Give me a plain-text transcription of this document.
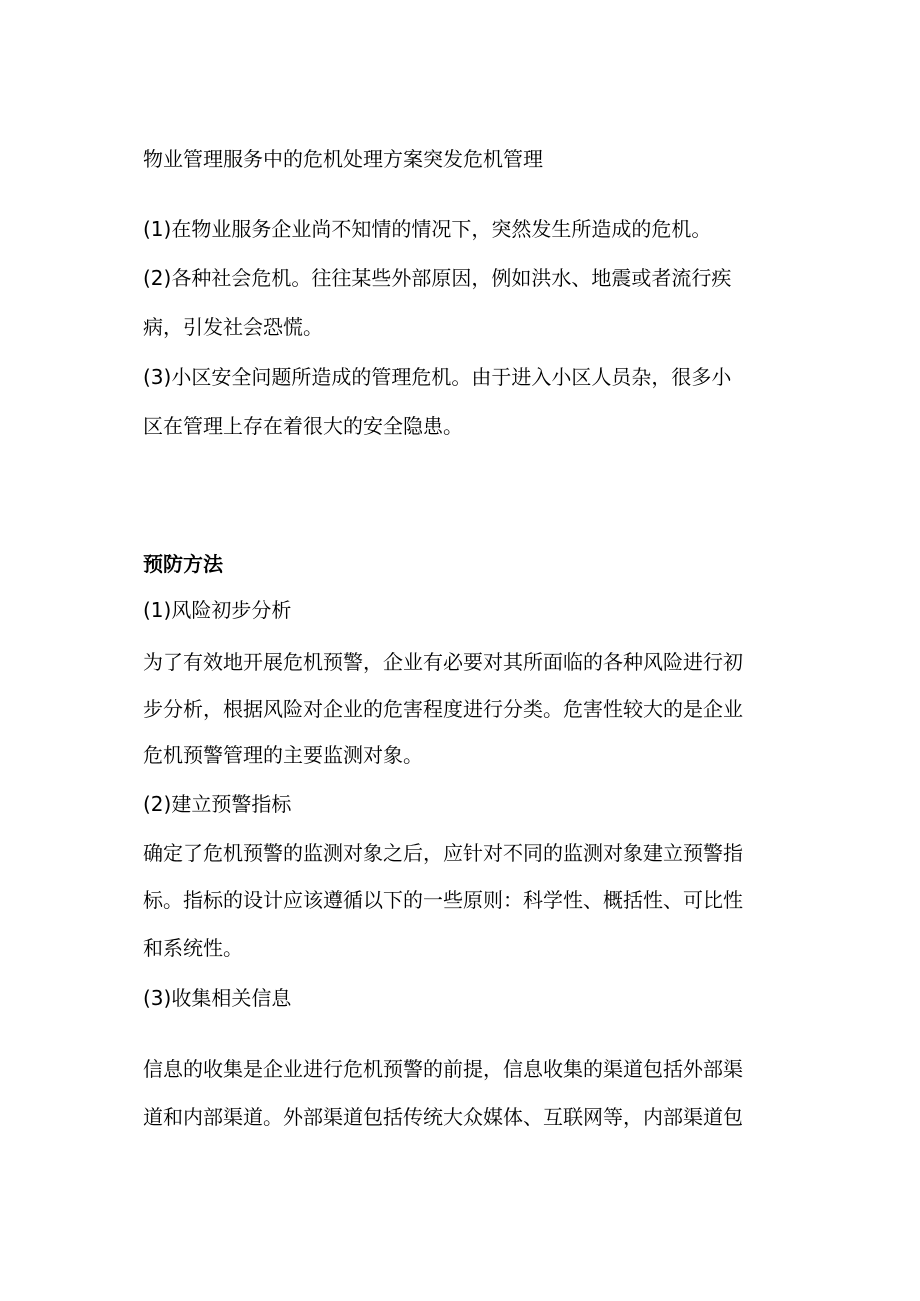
物业管理服务中的危机处理方案突发危机管理
(1)在物业服务企业尚不知情的情况下，突然发生所造成的危机。
(2)各种社会危机。往往某些外部原因，例如洪水、地震或者流行疾
病，引发社会恐慌。
(3)小区安全问题所造成的管理危机。由于进入小区人员杂，很多小
区在管理上存在着很大的安全隐患。
预防方法
(1)风险初步分析
为了有效地开展危机预警，企业有必要对其所面临的各种风险进行初
步分析，根据风险对企业的危害程度进行分类。危害性较大的是企业
危机预警管理的主要监测对象。
(2)建立预警指标
确定了危机预警的监测对象之后，应针对不同的监测对象建立预警指
标。指标的设计应该遵循以下的一些原则：科学性、概括性、可比性
和系统性。
(3)收集相关信息
信息的收集是企业进行危机预警的前提，信息收集的渠道包括外部渠
道和内部渠道。外部渠道包括传统大众媒体、互联网等，内部渠道包
